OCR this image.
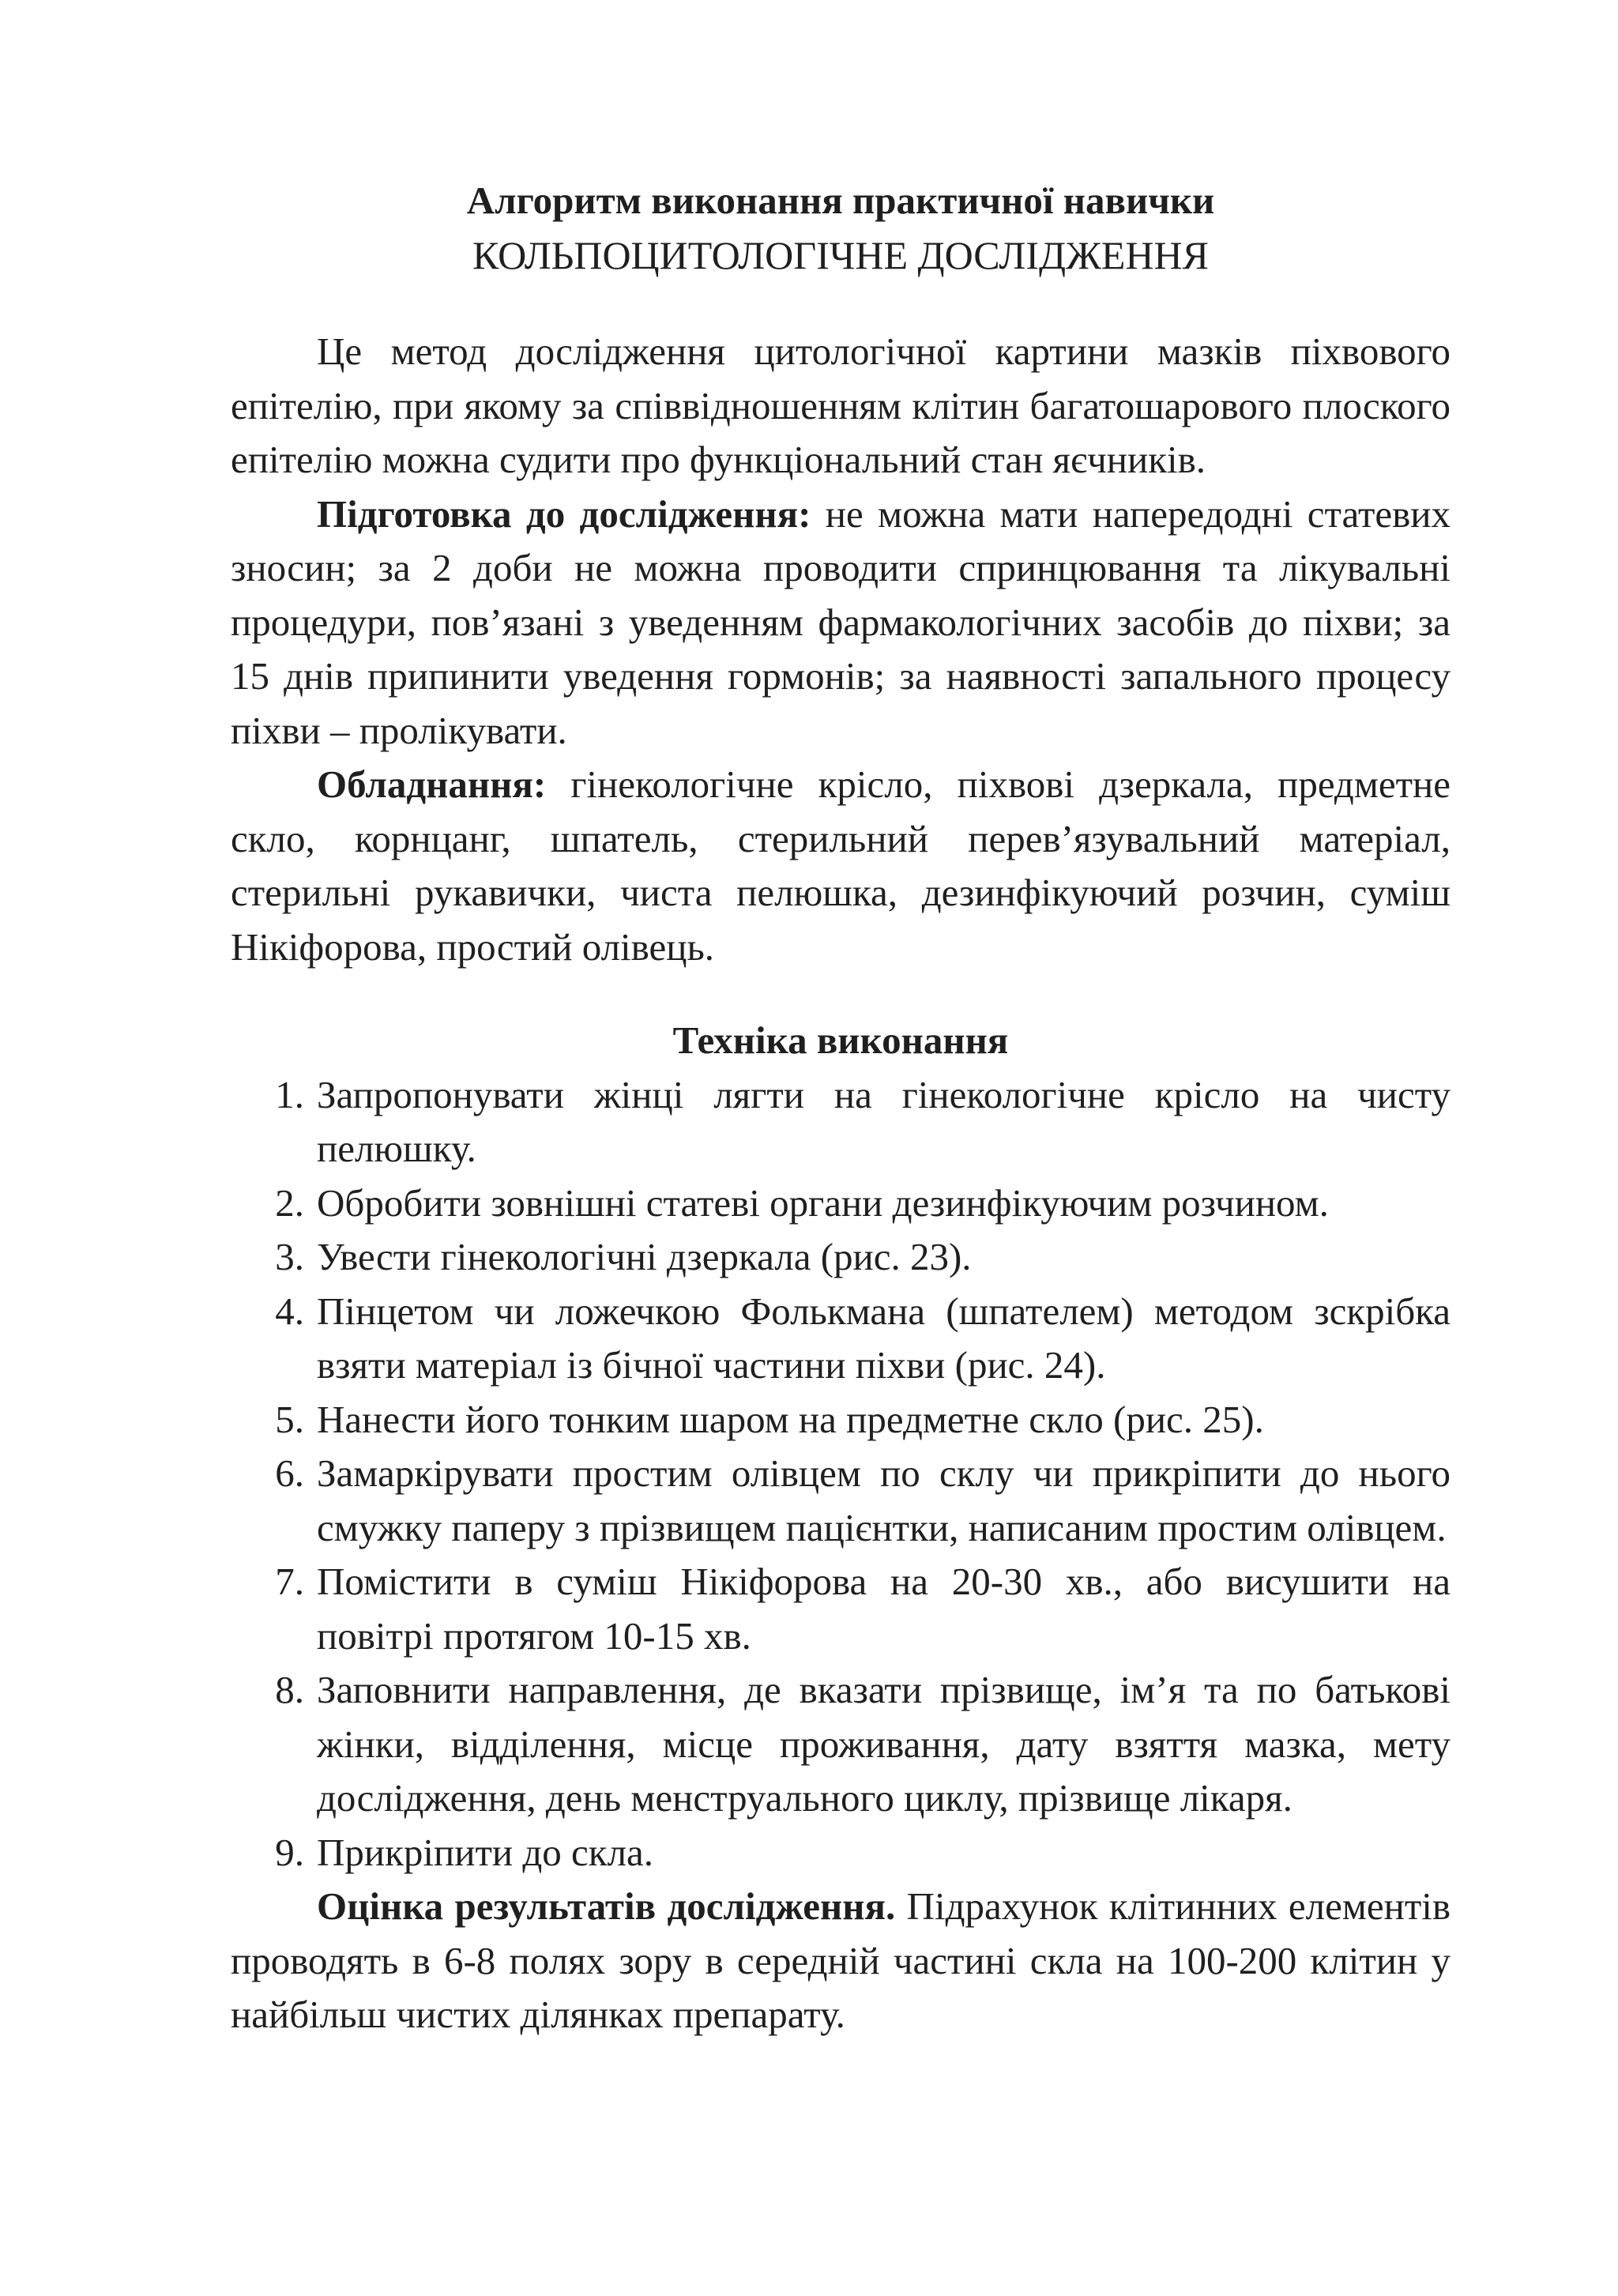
Алгоритм виконання практичної навички

КОЛЬПОЦИТОЛОГІЧНЕ ДОСЛІДЖЕННЯ

Це метод дослідження цитологічної картини мазків піхвового епітелію, при якому за співвідношенням клітин багатошарового плоского епітелію можна судити про функціональний стан яєчників.

Підготовка до дослідження: не можна мати напередодні статевих зносин; за 2 доби не можна проводити спринцювання та лікувальні процедури, пов’язані з уведенням фармакологічних засобів до піхви; за 15 днів припинити уведення гормонів; за наявності запального процесу піхви – пролікувати.

Обладнання: гінекологічне крісло, піхвові дзеркала, предметне скло, корнцанг, шпатель, стерильний перев’язувальний матеріал, стерильні рукавички, чиста пелюшка, дезинфікуючий розчин, суміш Нікіфорова, простий олівець.

Техніка виконання

1. Запропонувати жінці лягти на гінекологічне крісло на чисту пелюшку.
2. Обробити зовнішні статеві органи дезинфікуючим розчином.
3. Увести гінекологічні дзеркала (рис. 23).
4. Пінцетом чи ложечкою Фолькмана (шпателем) методом зскрібка взяти матеріал із бічної частини піхви (рис. 24).
5. Нанести його тонким шаром на предметне скло (рис. 25).
6. Замаркірувати простим олівцем по склу чи прикріпити до нього смужку паперу з прізвищем пацієнтки, написаним простим олівцем.
7. Помістити в суміш Нікіфорова на 20-30 хв., або висушити на повітрі протягом 10-15 хв.
8. Заповнити направлення, де вказати прізвище, ім’я та по батькові жінки, відділення, місце проживання, дату взяття мазка, мету дослідження, день менструального циклу, прізвище лікаря.
9. Прикріпити до скла.

Оцінка результатів дослідження. Підрахунок клітинних елементів проводять в 6-8 полях зору в середній частині скла на 100-200 клітин у найбільш чистих ділянках препарату.
